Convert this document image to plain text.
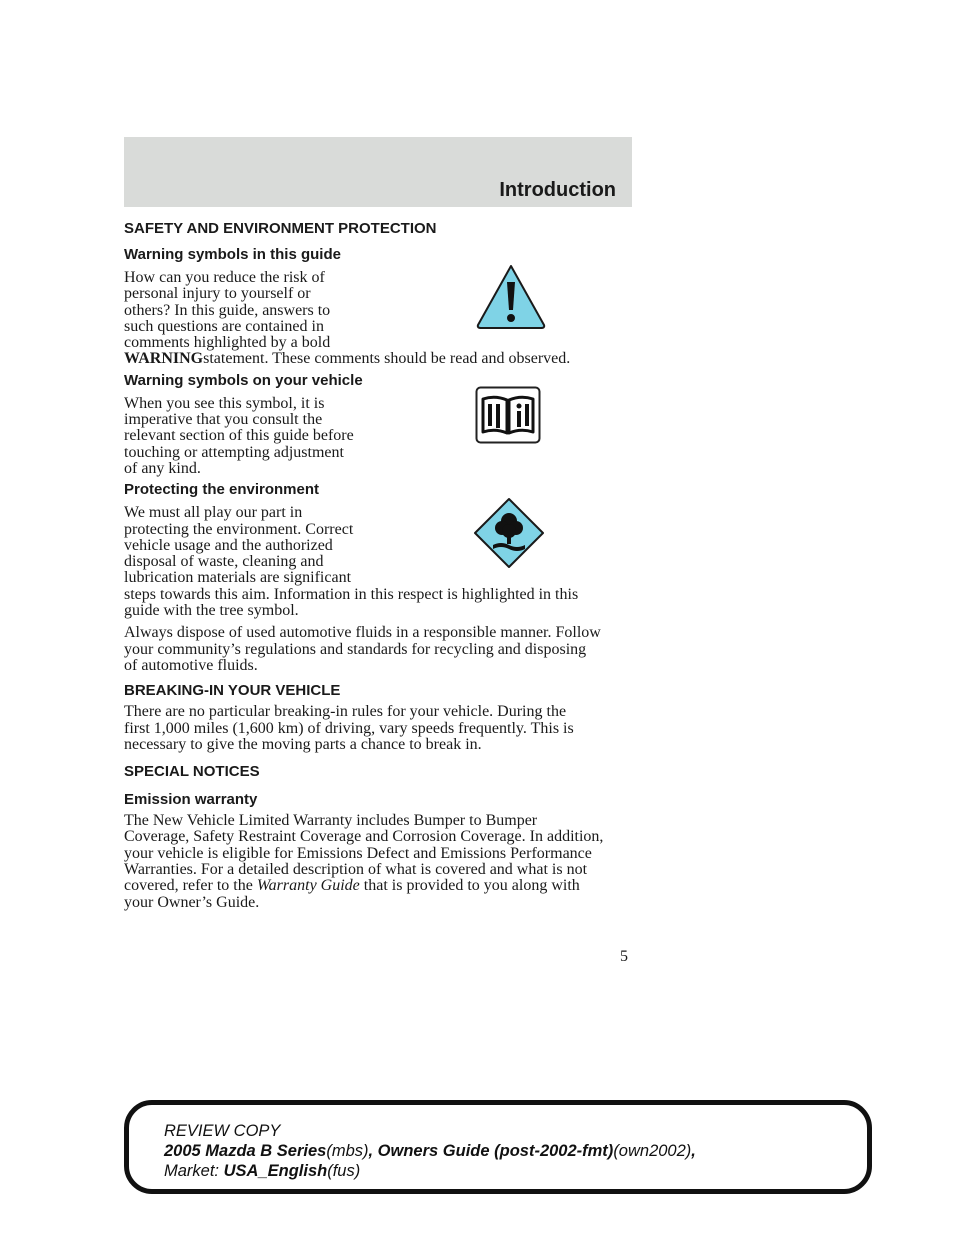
Introduction
SAFETY AND ENVIRONMENT PROTECTION
Warning symbols in this guide

How can you reduce the risk of

personal injury to yourself or

others? In this guide, answers to

such questions are contained in

comments highlighted by a bold

WARNINGstatement. These comments should be read and observed.

Warning symbols on your vehicle

When you see this symbol, it is

imperative that you consult the

relevant section of this guide before

touching or attempting adjustment

of any kind.

Protecting the environment

We must all play our part in

protecting the environment. Correct

vehicle usage and the authorized

disposal of waste, cleaning and

lubrication materials are significant

steps towards this aim. Information in this respect is highlighted in this

guide with the tree symbol.

Always dispose of used automotive fluids in a responsible manner. Follow

your community’s regulations and standards for recycling and disposing

of automotive fluids.

BREAKING-IN YOUR VEHICLE

There are no particular breaking-in rules for your vehicle. During the

first 1,000 miles (1,600 km) of driving, vary speeds frequently. This is

necessary to give the moving parts a chance to break in.

SPECIAL NOTICES
Emission warranty

The New Vehicle Limited Warranty includes Bumper to Bumper

Coverage, Safety Restraint Coverage and Corrosion Coverage. In addition,

your vehicle is eligible for Emissions Defect and Emissions Performance

Warranties. For a detailed description of what is covered and what is not

covered, refer to the Warranty Guide that is provided to you along with

your Owner’s Guide.

5
REVIEW COPY
2005 Mazda B Series(mbs), Owners Guide (post-2002-fmt)(own2002),
Market: USA_English(fus)
